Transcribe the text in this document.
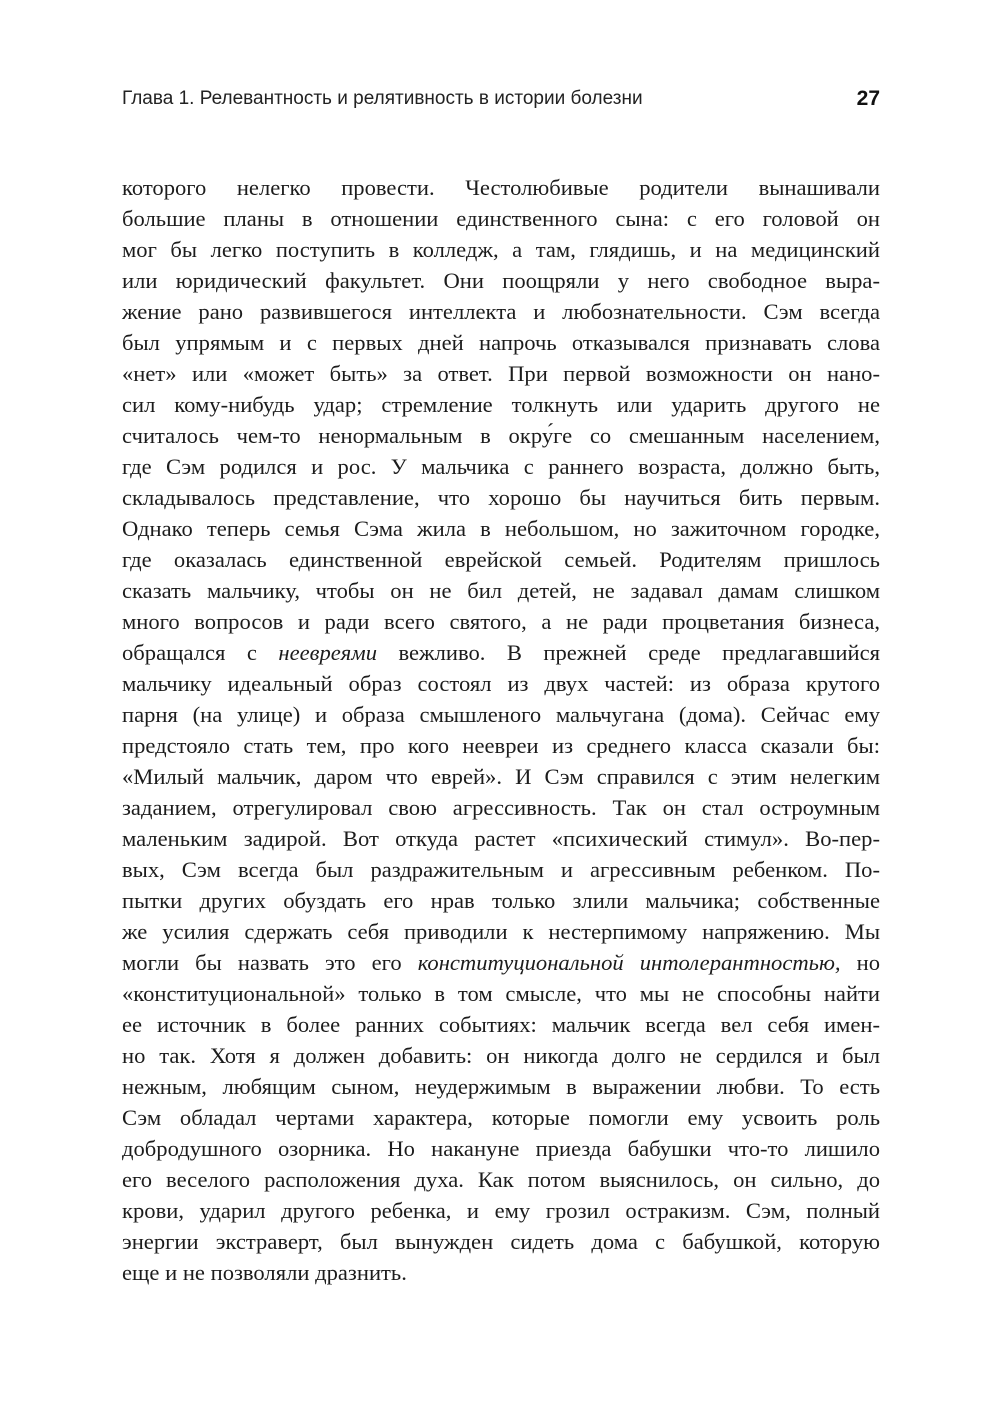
Глава 1. Релевантность и релятивность в истории болезни	27
которого нелегко провести. Честолюбивые родители вынашивали
большие планы в отношении единственного сына: с его головой он
мог бы легко поступить в колледж, а там, глядишь, и на медицинский
или юридический факультет. Они поощряли у него свободное выра-
жение рано развившегося интеллекта и любознательности. Сэм всегда
был упрямым и с первых дней напрочь отказывался признавать слова
«нет» или «может быть» за ответ. При первой возможности он нано-
сил кому-нибудь удар; стремление толкнуть или ударить другого не
считалось чем-то ненормальным в окру́ге со смешанным населением,
где Сэм родился и рос. У мальчика с раннего возраста, должно быть,
складывалось представление, что хорошо бы научиться бить первым.
Однако теперь семья Сэма жила в небольшом, но зажиточном городке,
где оказалась единственной еврейской семьей. Родителям пришлось
сказать мальчику, чтобы он не бил детей, не задавал дамам слишком
много вопросов и ради всего святого, а не ради процветания бизнеса,
обращался с неевреями вежливо. В прежней среде предлагавшийся
мальчику идеальный образ состоял из двух частей: из образа крутого
парня (на улице) и образа смышленого мальчугана (дома). Сейчас ему
предстояло стать тем, про кого неевреи из среднего класса сказали бы:
«Милый мальчик, даром что еврей». И Сэм справился с этим нелегким
заданием, отрегулировал свою агрессивность. Так он стал остроумным
маленьким задирой. Вот откуда растет «психический стимул». Во-пер-
вых, Сэм всегда был раздражительным и агрессивным ребенком. По-
пытки других обуздать его нрав только злили мальчика; собственные
же усилия сдержать себя приводили к нестерпимому напряжению. Мы
могли бы назвать это его конституциональной интолерантностью, но
«конституциональной» только в том смысле, что мы не способны найти
ее источник в более ранних событиях: мальчик всегда вел себя имен-
но так. Хотя я должен добавить: он никогда долго не сердился и был
нежным, любящим сыном, неудержимым в выражении любви. То есть
Сэм обладал чертами характера, которые помогли ему усвоить роль
добродушного озорника. Но накануне приезда бабушки что-то лишило
его веселого расположения духа. Как потом выяснилось, он сильно, до
крови, ударил другого ребенка, и ему грозил остракизм. Сэм, полный
энергии экстраверт, был вынужден сидеть дома с бабушкой, которую
еще и не позволяли дразнить.
